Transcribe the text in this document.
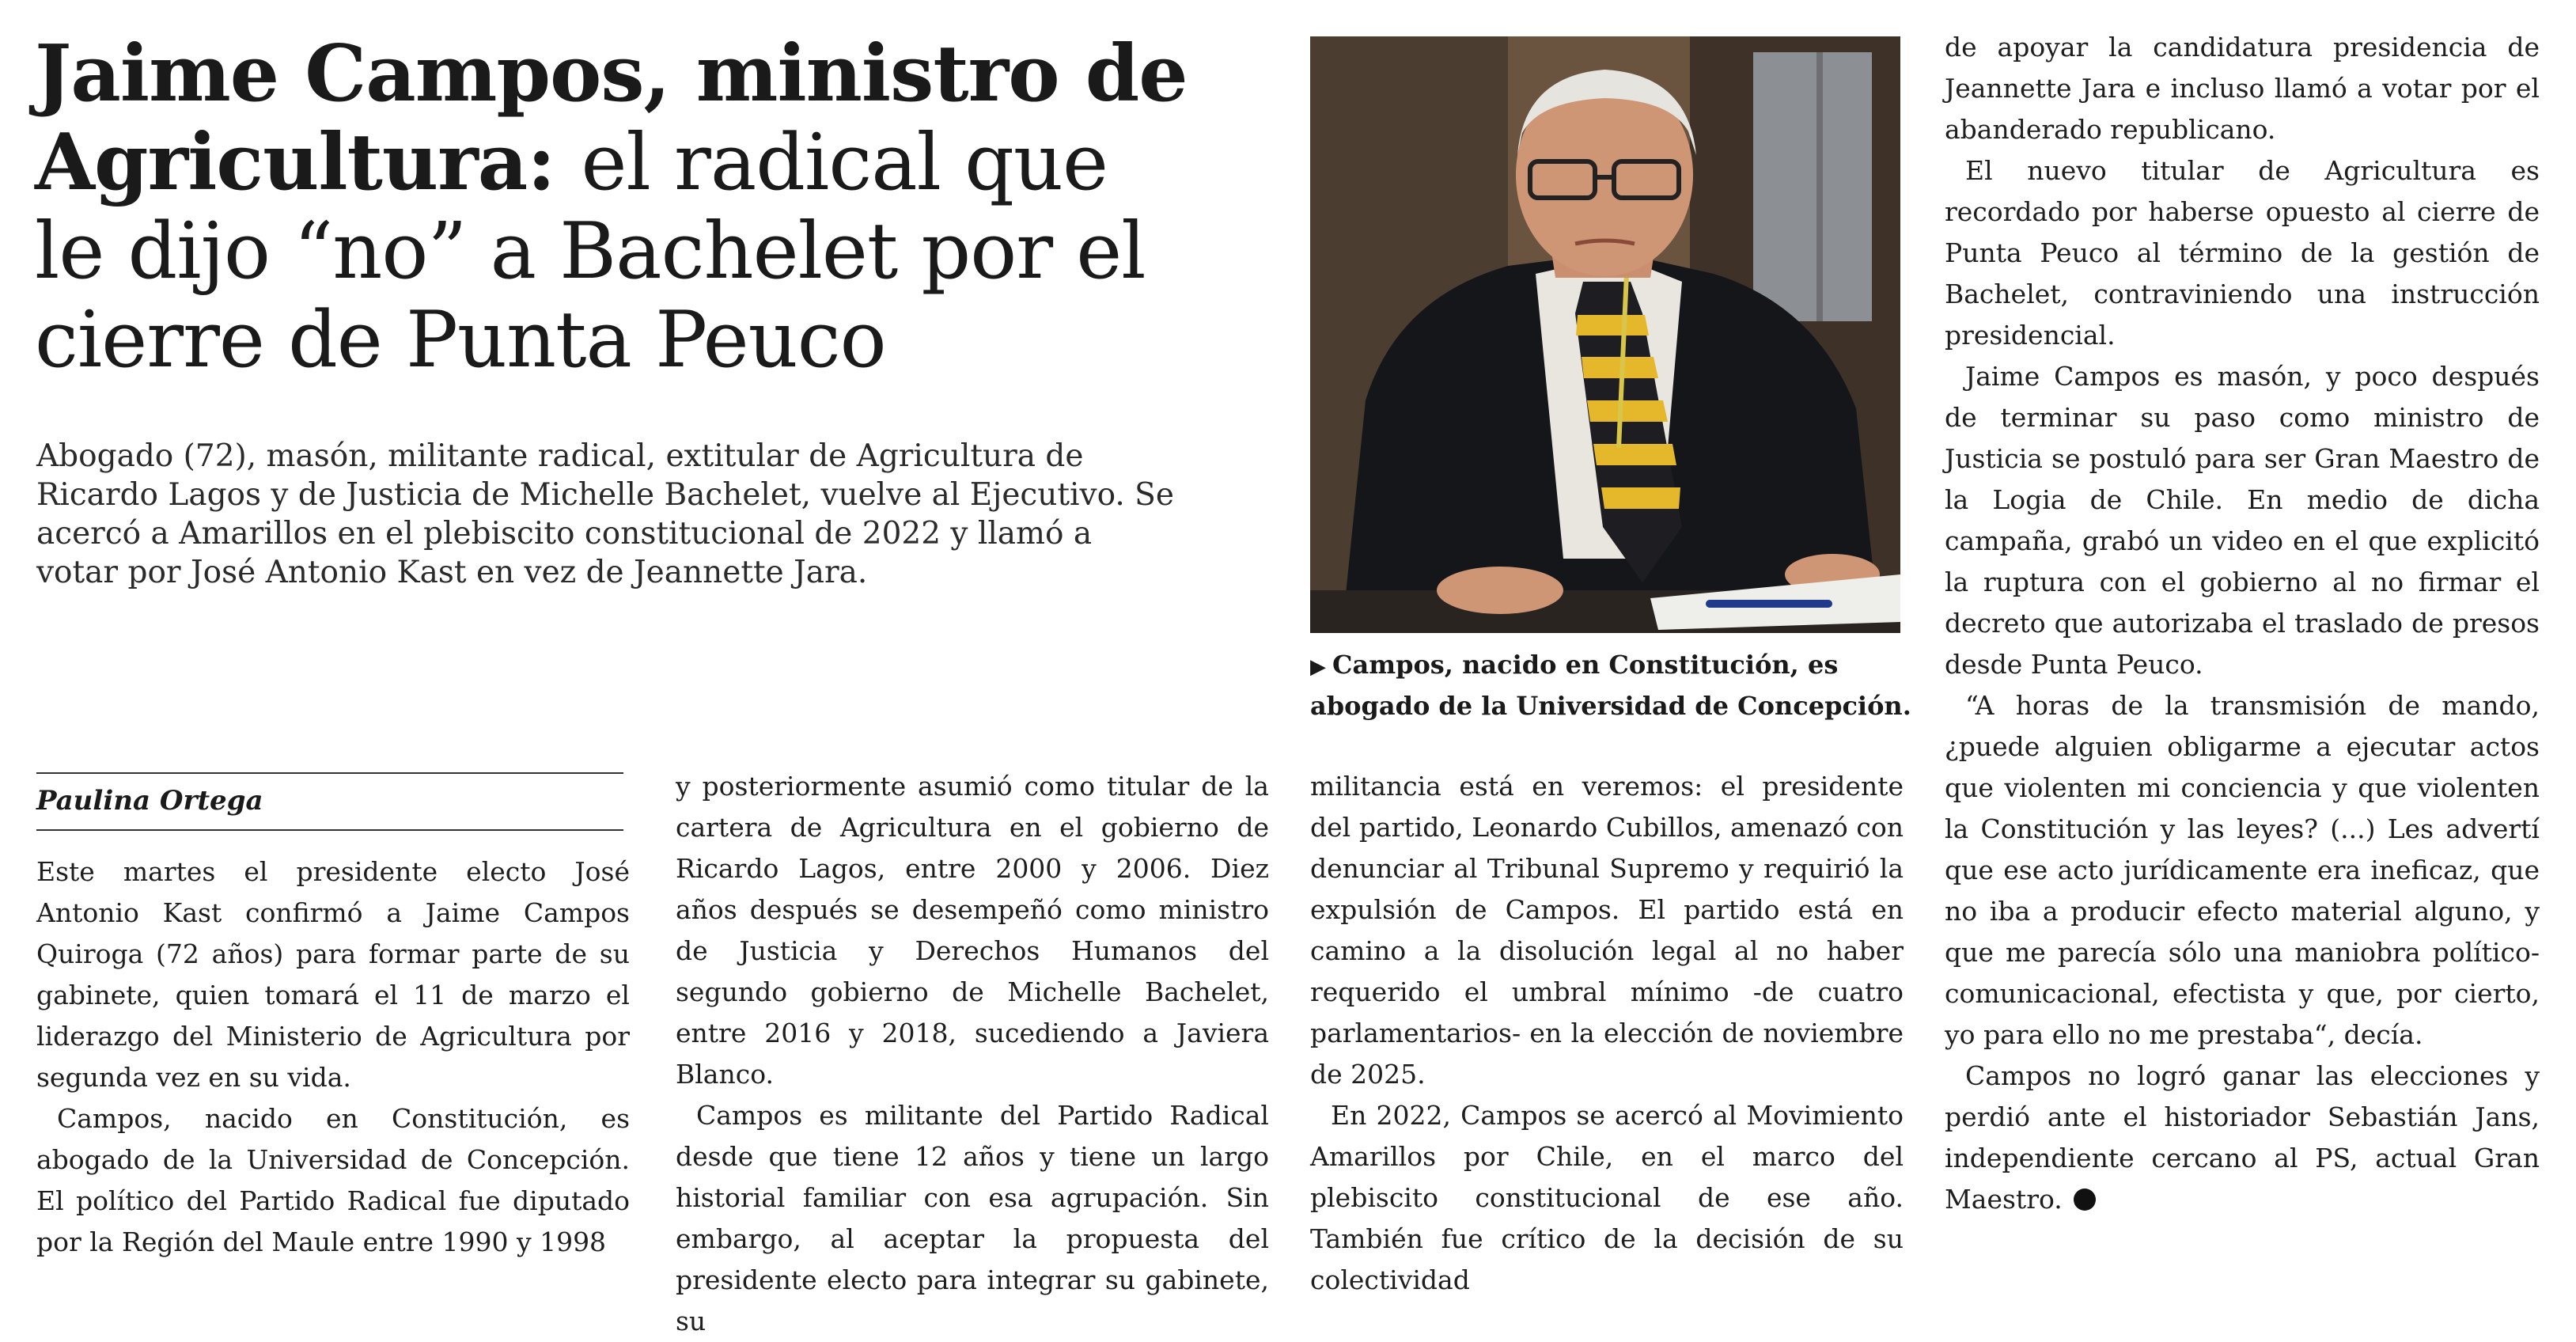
Jaime Campos, ministro de Agricultura: el radical que le dijo “no” a Bachelet por el cierre de Punta Peuco

Abogado (72), masón, militante radical, extitular de Agricultura de Ricardo Lagos y de Justicia de Michelle Bachelet, vuelve al Ejecutivo. Se acercó a Amarillos en el plebiscito constitucional de 2022 y llamó a votar por José Antonio Kast en vez de Jeannette Jara.

▶ Campos, nacido en Constitución, es abogado de la Universidad de Concepción.

Paulina Ortega

Este martes el presidente electo José Antonio Kast confirmó a Jaime Campos Quiroga (72 años) para formar parte de su gabinete, quien tomará el 11 de marzo el liderazgo del Ministerio de Agricultura por segunda vez en su vida.

Campos, nacido en Constitución, es abogado de la Universidad de Concepción. El político del Partido Radical fue diputado por la Región del Maule entre 1990 y 1998

y posteriormente asumió como titular de la cartera de Agricultura en el gobierno de Ricardo Lagos, entre 2000 y 2006. Diez años después se desempeñó como ministro de Justicia y Derechos Humanos del segundo gobierno de Michelle Bachelet, entre 2016 y 2018, sucediendo a Javiera Blanco.

Campos es militante del Partido Radical desde que tiene 12 años y tiene un largo historial familiar con esa agrupación. Sin embargo, al aceptar la propuesta del presidente electo para integrar su gabinete, su

militancia está en veremos: el presidente del partido, Leonardo Cubillos, amenazó con denunciar al Tribunal Supremo y requirió la expulsión de Campos. El partido está en camino a la disolución legal al no haber requerido el umbral mínimo -de cuatro parlamentarios- en la elección de noviembre de 2025.

En 2022, Campos se acercó al Movimiento Amarillos por Chile, en el marco del plebiscito constitucional de ese año. También fue crítico de la decisión de su colectividad

de apoyar la candidatura presidencia de Jeannette Jara e incluso llamó a votar por el abanderado republicano.

El nuevo titular de Agricultura es recordado por haberse opuesto al cierre de Punta Peuco al término de la gestión de Bachelet, contraviniendo una instrucción presidencial.

Jaime Campos es masón, y poco después de terminar su paso como ministro de Justicia se postuló para ser Gran Maestro de la Logia de Chile. En medio de dicha campaña, grabó un video en el que explicitó la ruptura con el gobierno al no firmar el decreto que autorizaba el traslado de presos desde Punta Peuco.

“A horas de la transmisión de mando, ¿puede alguien obligarme a ejecutar actos que violenten mi conciencia y que violenten la Constitución y las leyes? (...) Les advertí que ese acto jurídicamente era ineficaz, que no iba a producir efecto material alguno, y que me parecía sólo una maniobra político-comunicacional, efectista y que, por cierto, yo para ello no me prestaba“, decía.

Campos no logró ganar las elecciones y perdió ante el historiador Sebastián Jans, independiente cercano al PS, actual Gran Maestro.
